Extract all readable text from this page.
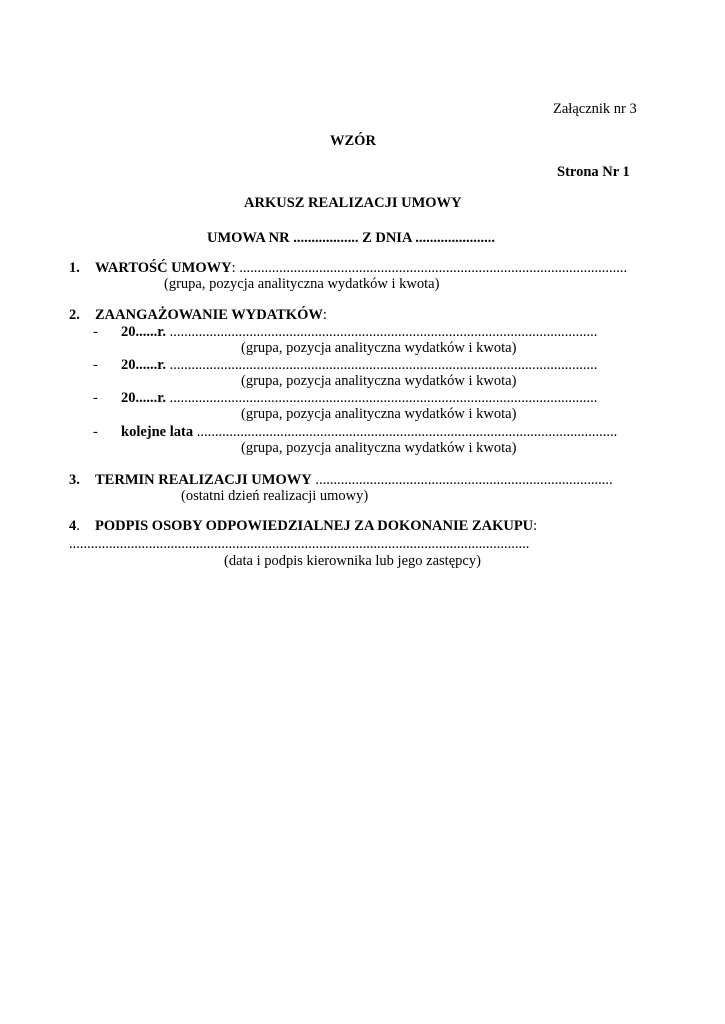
Załącznik nr 3
WZÓR
Strona Nr 1
ARKUSZ REALIZACJI UMOWY
UMOWA NR .................. Z DNIA ......................
1. WARTOŚĆ UMOWY: ...........................................................................................................
(grupa, pozycja analityczna wydatków i kwota)
2. ZAANGAŻOWANIE WYDATKÓW:
- 20......r. ......................................................................................................................
(grupa, pozycja analityczna wydatków i kwota)
- 20......r. ......................................................................................................................
(grupa, pozycja analityczna wydatków i kwota)
- 20......r. ......................................................................................................................
(grupa, pozycja analityczna wydatków i kwota)
- kolejne lata ....................................................................................................................
(grupa, pozycja analityczna wydatków i kwota)
3. TERMIN REALIZACJI UMOWY ..................................................................................
(ostatni dzień realizacji umowy)
4. PODPIS OSOBY ODPOWIEDZIALNEJ ZA DOKONANIE ZAKUPU:
...............................................................................................................................
(data i podpis kierownika lub jego zastępcy)
